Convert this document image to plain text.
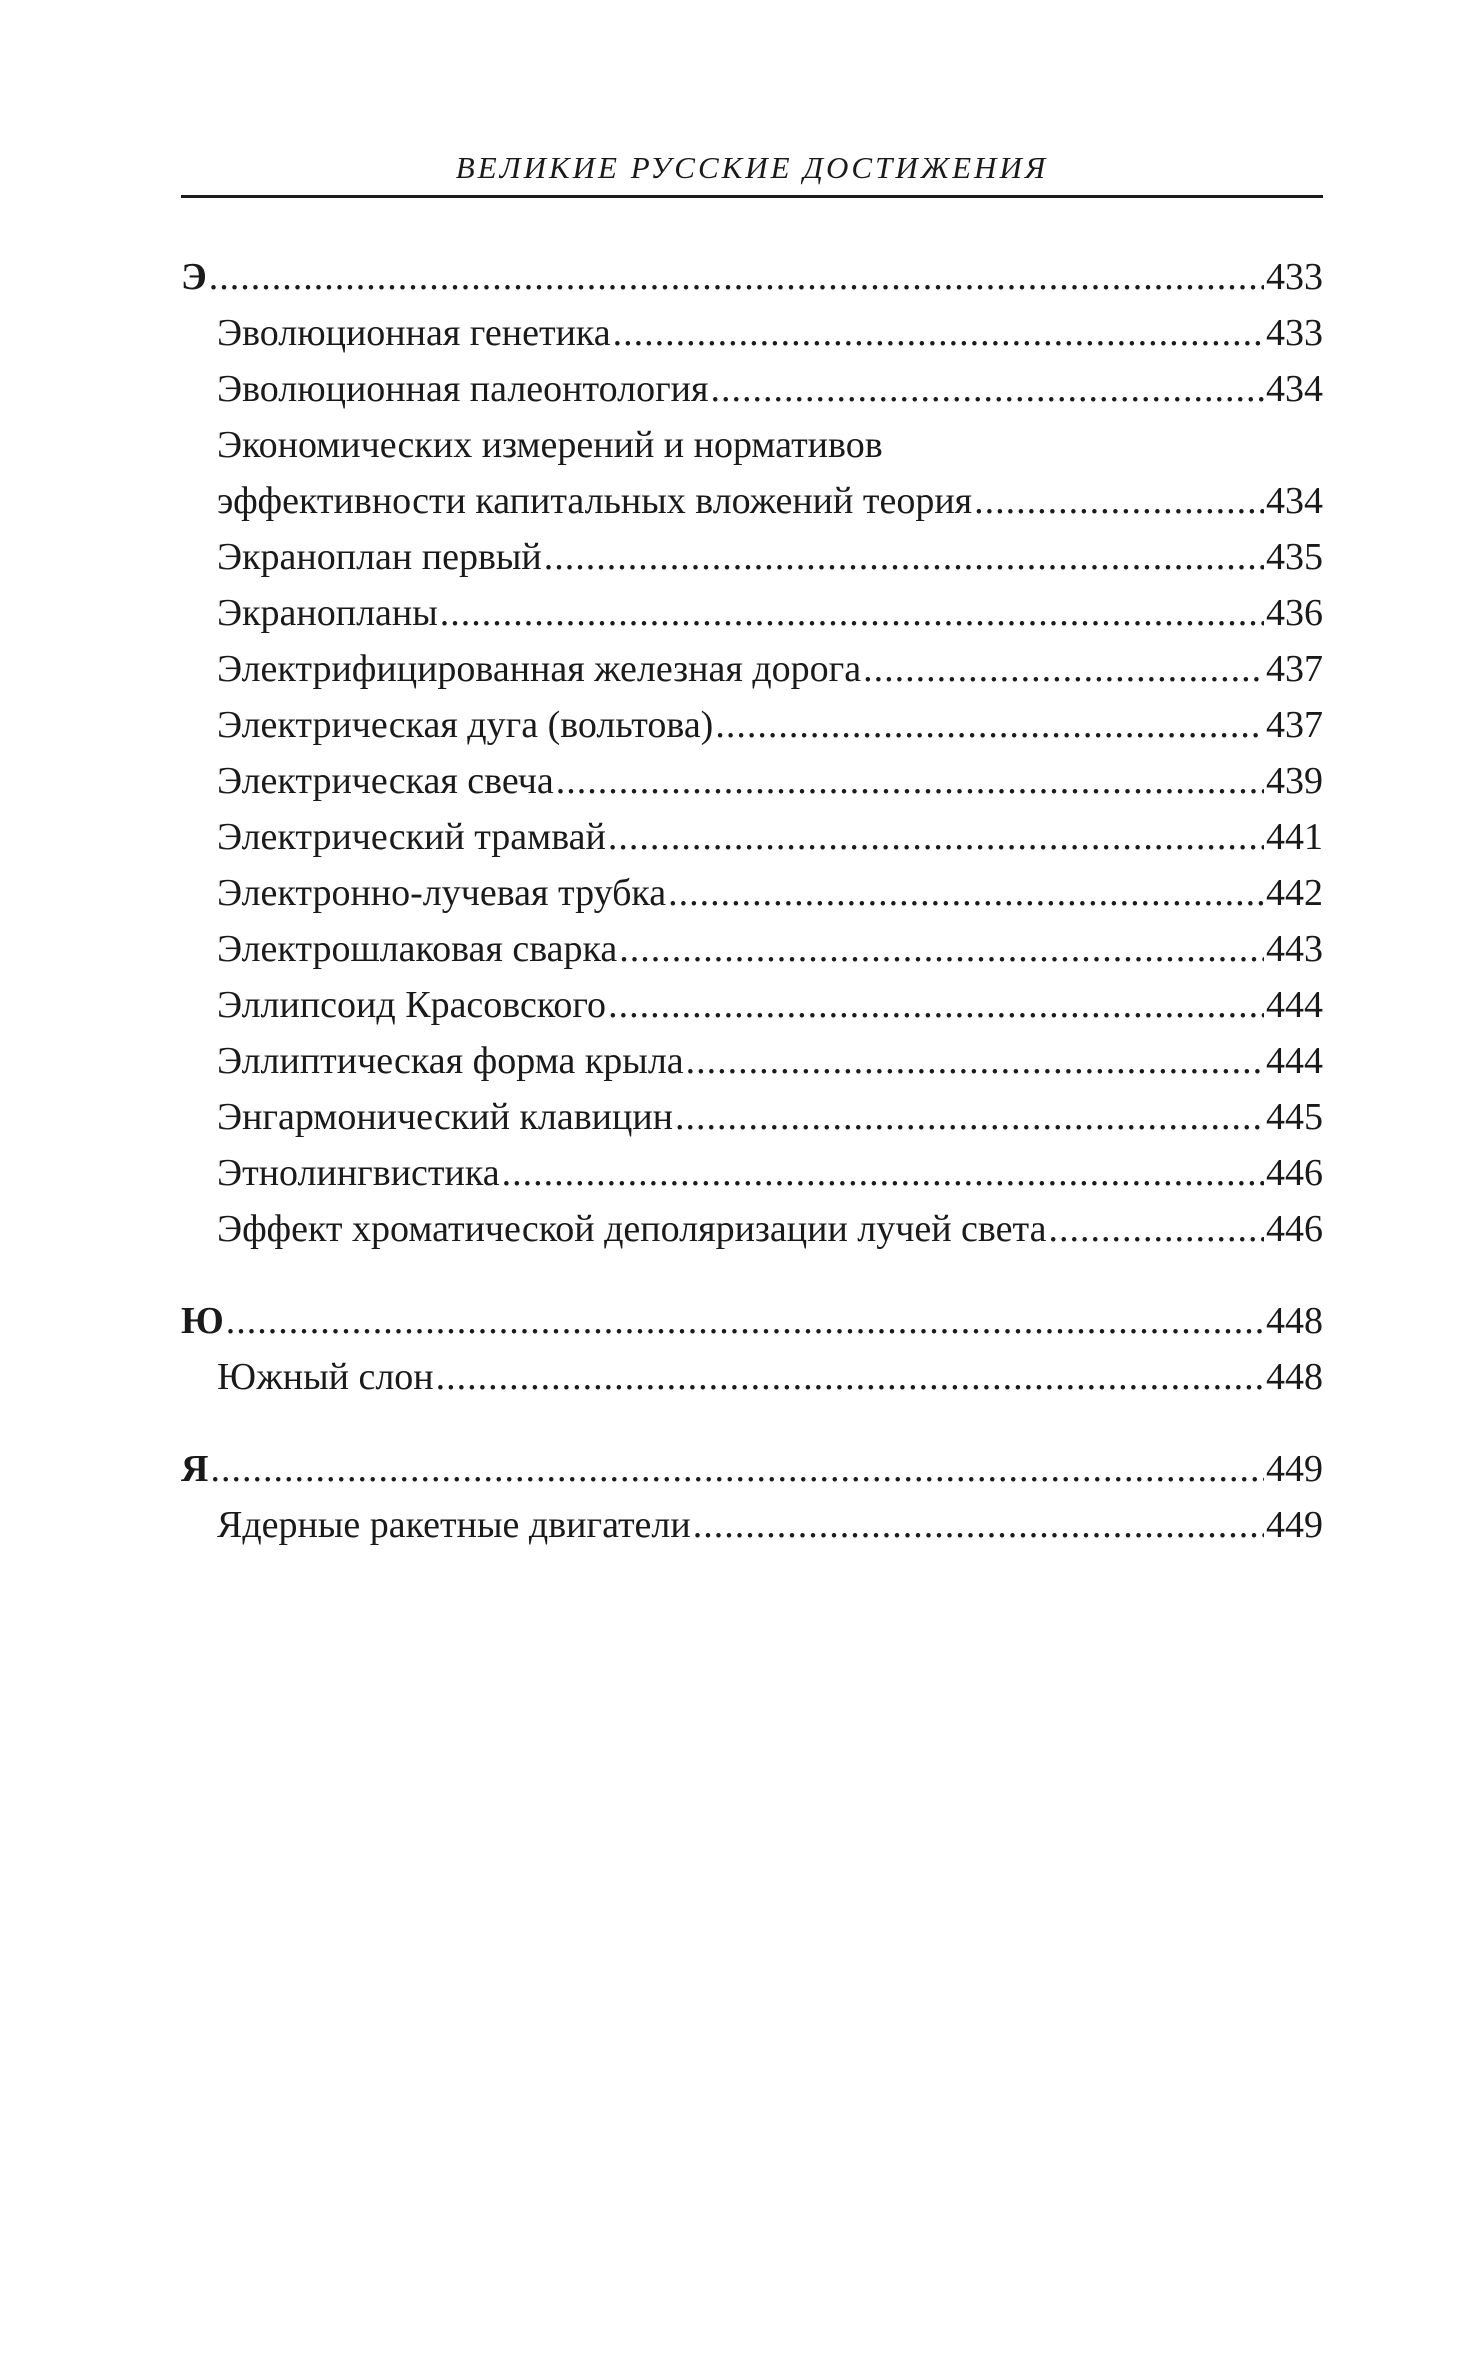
ВЕЛИКИЕ РУССКИЕ ДОСТИЖЕНИЯ
Э .....	433
Эволюционная генетика .....	433
Эволюционная палеонтология .....	434
Экономических измерений и нормативов
эффективности капитальных вложений теория .....	434
Экраноплан первый .....	435
Экранопланы .....	436
Электрифицированная железная дорога .....	437
Электрическая дуга (вольтова) .....	437
Электрическая свеча .....	439
Электрический трамвай .....	441
Электронно-лучевая трубка .....	442
Электрошлаковая сварка .....	443
Эллипсоид Красовского .....	444
Эллиптическая форма крыла .....	444
Энгармонический клавицин .....	445
Этнолингвистика .....	446
Эффект хроматической деполяризации лучей света .....	446
Ю .....	448
Южный слон .....	448
Я .....	449
Ядерные ракетные двигатели .....	449
